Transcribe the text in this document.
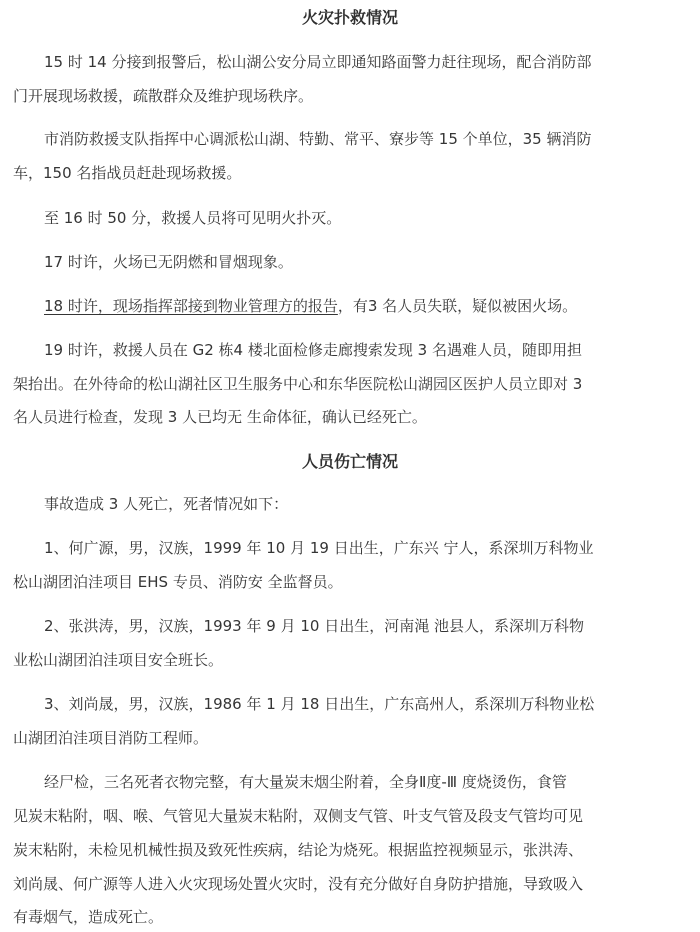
火灾扑救情况
15 时 14 分接到报警后，松山湖公安分局立即通知路面警力赶往现场，配合消防部
门开展现场救援，疏散群众及维护现场秩序。
市消防救援支队指挥中心调派松山湖、特勤、常平、寮步等 15 个单位，35 辆消防
车，150 名指战员赶赴现场救援。
至 16 时 50 分，救援人员将可见明火扑灭。
17 时许，火场已无阴燃和冒烟现象。
18 时许，现场指挥部接到物业管理方的报告，有3 名人员失联，疑似被困火场。
19 时许，救援人员在 G2 栋4 楼北面检修走廊搜索发现 3 名遇难人员，随即用担
架抬出。在外待命的松山湖社区卫生服务中心和东华医院松山湖园区医护人员立即对 3
名人员进行检查，发现 3 人已均无 生命体征，确认已经死亡。
人员伤亡情况
事故造成 3 人死亡，死者情况如下：
1、何广源，男，汉族，1999 年 10 月 19 日出生，广东兴 宁人，系深圳万科物业
松山湖团泊洼项目 EHS 专员、消防安 全监督员。
2、张洪涛，男，汉族，1993 年 9 月 10 日出生，河南渑 池县人，系深圳万科物
业松山湖团泊洼项目安全班长。
3、刘尚晟，男，汉族，1986 年 1 月 18 日出生，广东高州人，系深圳万科物业松
山湖团泊洼项目消防工程师。
经尸检，三名死者衣物完整，有大量炭末烟尘附着，全身Ⅱ度-Ⅲ 度烧烫伤，食管
见炭末粘附，咽、喉、气管见大量炭末粘附，双侧支气管、叶支气管及段支气管均可见
炭末粘附，未检见机械性损及致死性疾病，结论为烧死。根据监控视频显示，张洪涛、
刘尚晟、何广源等人进入火灾现场处置火灾时，没有充分做好自身防护措施，导致吸入
有毒烟气，造成死亡。
